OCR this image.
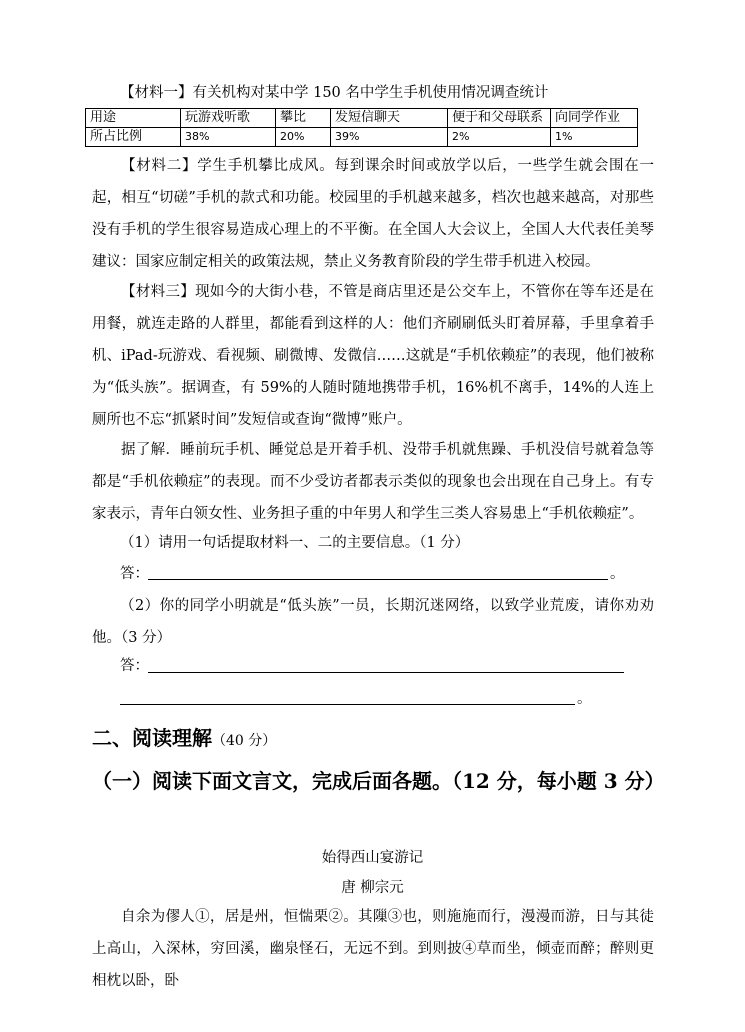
【材料一】有关机构对某中学 150 名中学生手机使用情况调查统计

用途	玩游戏听歌	攀比	发短信聊天	便于和父母联系	向同学作业
所占比例	38%	20%	39%	2%	1%

【材料二】学生手机攀比成风。每到课余时间或放学以后，一些学生就会围在一起，相互“切磋”手机的款式和功能。校园里的手机越来越多，档次也越来越高，对那些没有手机的学生很容易造成心理上的不平衡。在全国人大会议上，全国人大代表任美琴建议：国家应制定相关的政策法规，禁止义务教育阶段的学生带手机进入校园。

【材料三】现如今的大街小巷，不管是商店里还是公交车上，不管你在等车还是在用餐，就连走路的人群里，都能看到这样的人：他们齐刷刷低头盯着屏幕，手里拿着手机、iPad-玩游戏、看视频、刷微博、发微信……这就是“手机依赖症”的表现，他们被称为“低头族”。据调查，有 59%的人随时随地携带手机，16%机不离手，14%的人连上厕所也不忘“抓紧时间”发短信或查询“微博”账户。

据了解．睡前玩手机、睡觉总是开着手机、没带手机就焦躁、手机没信号就着急等都是“手机依赖症”的表现。而不少受访者都表示类似的现象也会出现在自己身上。有专家表示，青年白领女性、业务担子重的中年男人和学生三类人容易患上“手机依赖症”。

（1）请用一句话提取材料一、二的主要信息。（1 分）
答：	。

（2）你的同学小明就是“低头族”一员，长期沉迷网络，以致学业荒废，请你劝劝他。（3 分）

答：
。
二、阅读理解（40 分）
（一）阅读下面文言文，完成后面各题。（12 分，每小题 3 分）
始得西山宴游记
唐 柳宗元

自余为僇人①，居是州，恒惴栗②。其隟③也，则施施而行，漫漫而游，日与其徒上高山，入深林，穷回溪，幽泉怪石，无远不到。到则披④草而坐，倾壶而醉；醉则更相枕以卧，卧
